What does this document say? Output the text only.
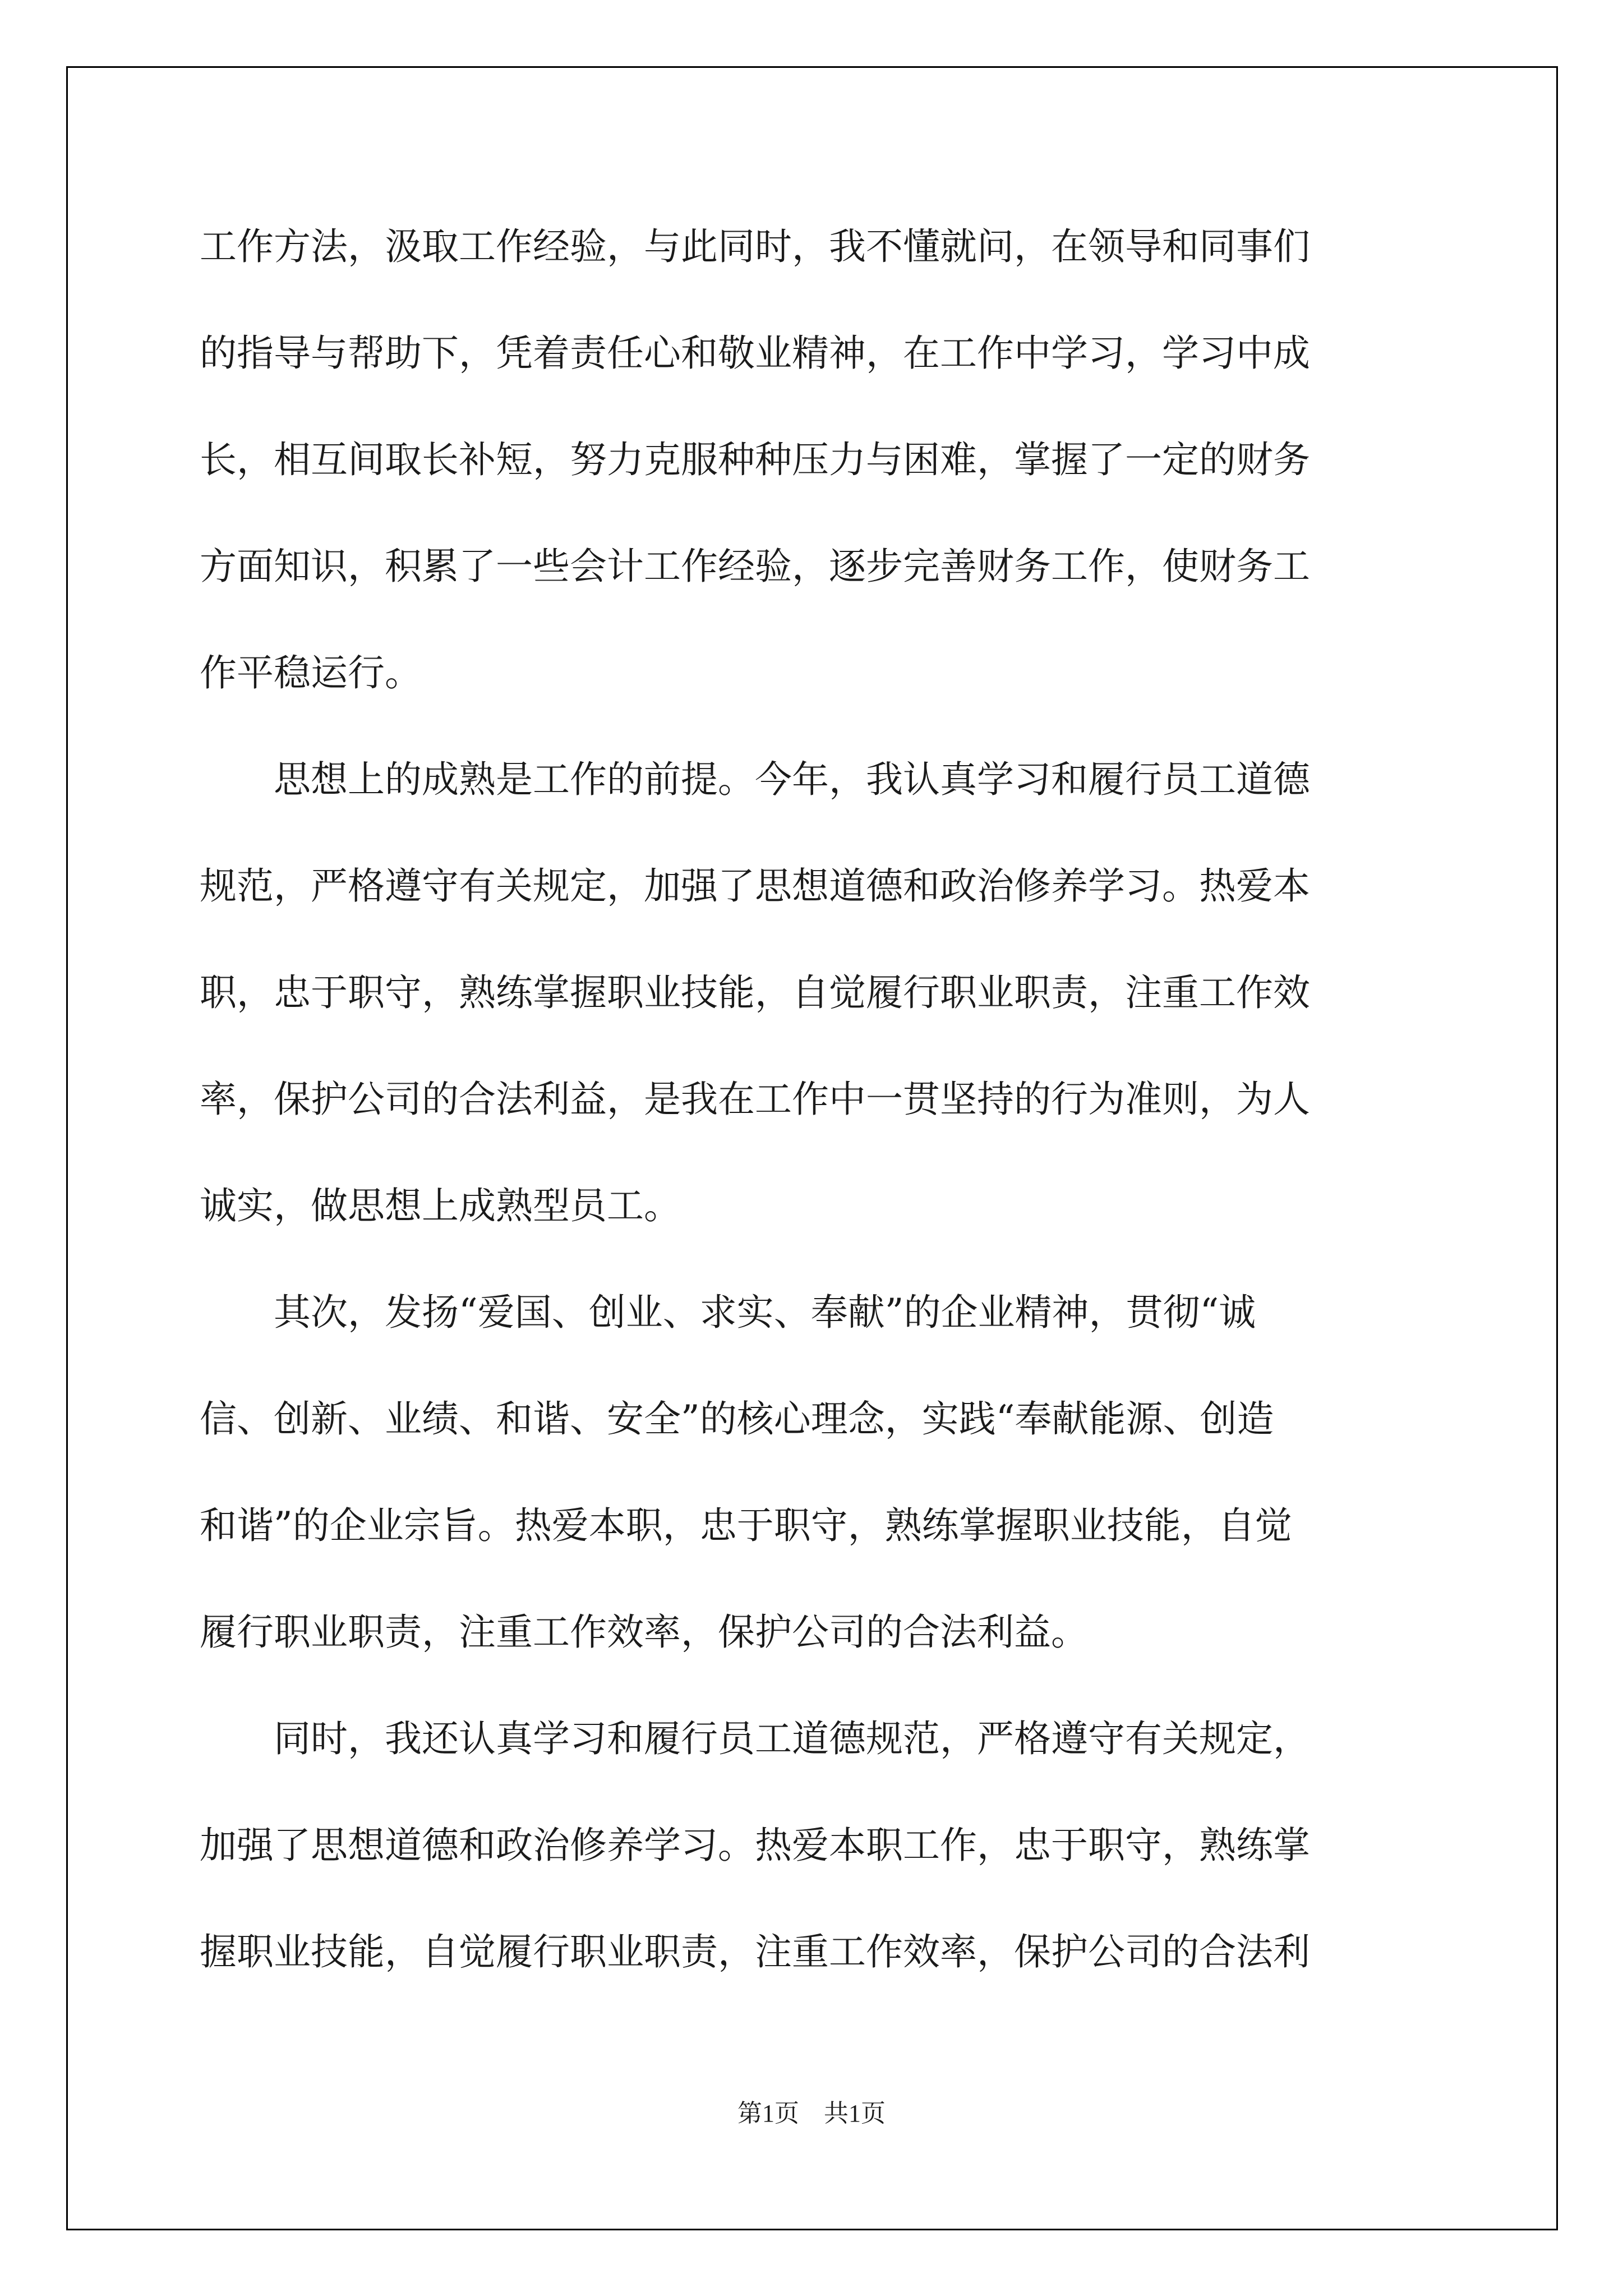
工作方法，汲取工作经验，与此同时，我不懂就问，在领导和同事们
的指导与帮助下，凭着责任心和敬业精神，在工作中学习，学习中成
长，相互间取长补短，努力克服种种压力与困难，掌握了一定的财务
方面知识，积累了一些会计工作经验，逐步完善财务工作，使财务工
作平稳运行。
　　思想上的成熟是工作的前提。今年，我认真学习和履行员工道德
规范，严格遵守有关规定，加强了思想道德和政治修养学习。热爱本
职，忠于职守，熟练掌握职业技能，自觉履行职业职责，注重工作效
率，保护公司的合法利益，是我在工作中一贯坚持的行为准则，为人
诚实，做思想上成熟型员工。
　　其次，发扬“爱国、创业、求实、奉献”的企业精神，贯彻“诚
信、创新、业绩、和谐、安全”的核心理念，实践“奉献能源、创造
和谐”的企业宗旨。热爱本职，忠于职守，熟练掌握职业技能，自觉
履行职业职责，注重工作效率，保护公司的合法利益。
　　同时，我还认真学习和履行员工道德规范，严格遵守有关规定，
加强了思想道德和政治修养学习。热爱本职工作，忠于职守，熟练掌
握职业技能，自觉履行职业职责，注重工作效率，保护公司的合法利
第1页　共1页
